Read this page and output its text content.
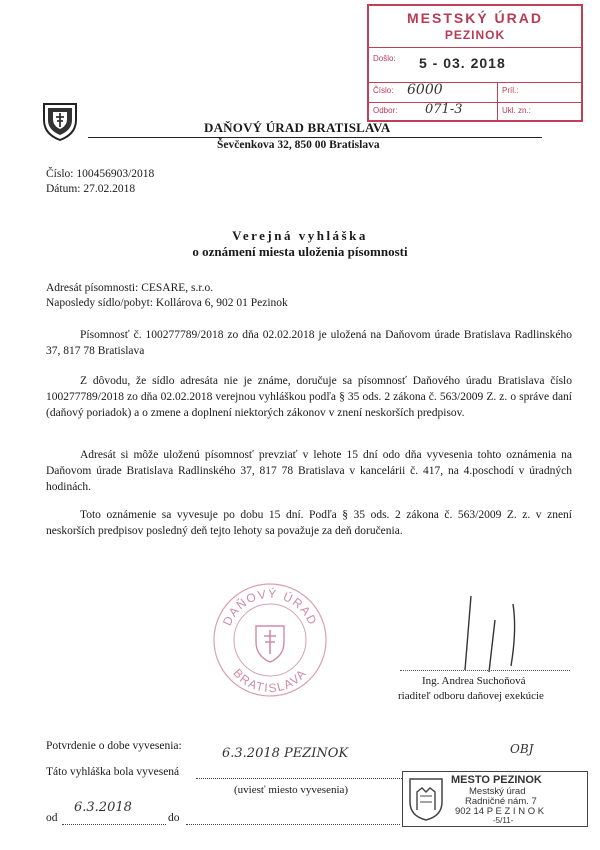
MESTSKÝ ÚRAD
PEZINOK
Došlo: 5 - 03. 2018
Číslo: 6000	Príl.:
Odbor: 071-3	Ukl. zn.:
DAŇOVÝ ÚRAD BRATISLAVA
Ševčenkova 32, 850 00 Bratislava
Číslo: 100456903/2018
Dátum: 27.02.2018
Verejná vyhláška
o oznámení miesta uloženia písomnosti
Adresát písomnosti: CESARE, s.r.o.
Naposledy sídlo/pobyt: Kollárova 6, 902 01 Pezinok
Písomnosť č. 100277789/2018 zo dňa 02.02.2018 je uložená na Daňovom úrade Bratislava Radlinského 37, 817 78 Bratislava
Z dôvodu, že sídlo adresáta nie je známe, doručuje sa písomnosť Daňového úradu Bratislava číslo 100277789/2018 zo dňa 02.02.2018 verejnou vyhláškou podľa § 35 ods. 2 zákona č. 563/2009 Z. z. o správe daní (daňový poriadok) a o zmene a doplnení niektorých zákonov v znení neskorších predpisov.
Adresát si môže uloženú písomnosť prevziať v lehote 15 dní odo dňa vyvesenia tohto oznámenia na Daňovom úrade Bratislava Radlinského 37, 817 78 Bratislava v kancelárii č. 417, na 4.poschodí v úradných hodinách.
Toto oznámenie sa vyvesuje po dobu 15 dní. Podľa § 35 ods. 2 zákona č. 563/2009 Z. z. v znení neskorších predpisov posledný deň tejto lehoty sa považuje za deň doručenia.
DAŇOVÝ ÚRAD
BRATISLAVA	Ing. Andrea Suchoňová
riaditeľ odboru daňovej exekúcie
Potvrdenie o dobe vyvesenia:
Táto vyhláška bola vyvesená
6.3.2018 PEZINOK	OBJ
(uviesť miesto vyvesenia)
od
6.3.2018
do
MESTO PEZINOK
Mestský úrad
Radničné nám. 7
902 14 P E Z I N O K
-5/11-
